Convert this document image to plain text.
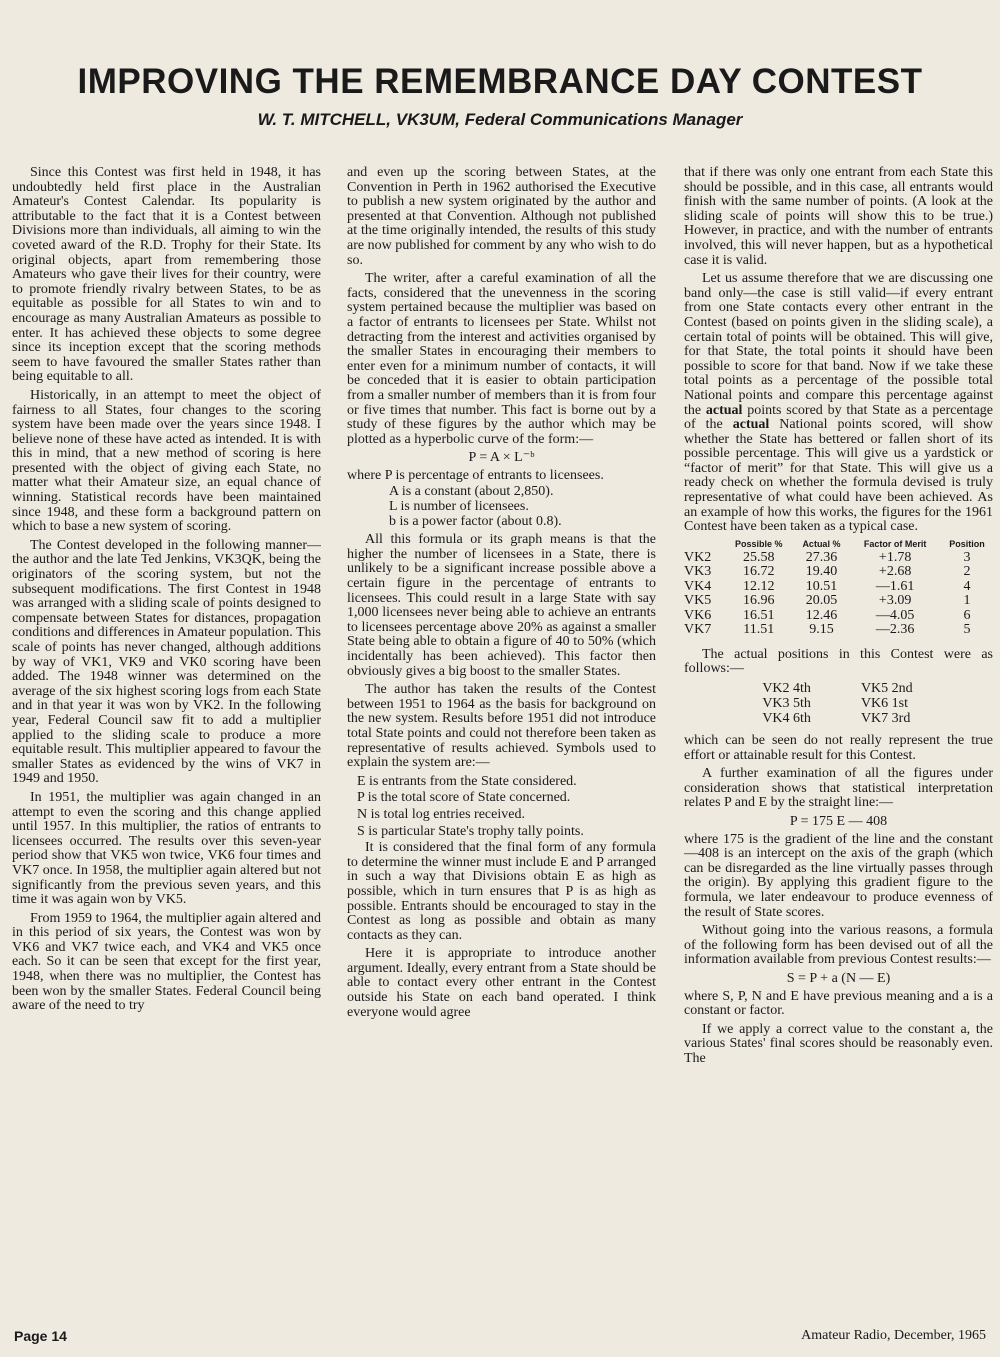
IMPROVING THE REMEMBRANCE DAY CONTEST
W. T. MITCHELL, VK3UM, Federal Communications Manager

Since this Contest was first held in 1948, it has undoubtedly held first place in the Australian Amateur's Contest Calendar. Its popularity is attributable to the fact that it is a Contest between Divisions more than individuals, all aiming to win the coveted award of the R.D. Trophy for their State. Its original objects, apart from remembering those Amateurs who gave their lives for their country, were to promote friendly rivalry between States, to be as equitable as possible for all States to win and to encourage as many Australian Amateurs as possible to enter. It has achieved these objects to some degree since its inception except that the scoring methods seem to have favoured the smaller States rather than being equitable to all.

Historically, in an attempt to meet the object of fairness to all States, four changes to the scoring system have been made over the years since 1948. I believe none of these have acted as intended. It is with this in mind, that a new method of scoring is here presented with the object of giving each State, no matter what their Amateur size, an equal chance of winning. Statistical records have been maintained since 1948, and these form a background pattern on which to base a new system of scoring.

The Contest developed in the following manner—the author and the late Ted Jenkins, VK3QK, being the originators of the scoring system, but not the subsequent modifications. The first Contest in 1948 was arranged with a sliding scale of points designed to compensate between States for distances, propagation conditions and differences in Amateur population. This scale of points has never changed, although additions by way of VK1, VK9 and VK0 scoring have been added. The 1948 winner was determined on the average of the six highest scoring logs from each State and in that year it was won by VK2. In the following year, Federal Council saw fit to add a multiplier applied to the sliding scale to produce a more equitable result. This multiplier appeared to favour the smaller States as evidenced by the wins of VK7 in 1949 and 1950.

In 1951, the multiplier was again changed in an attempt to even the scoring and this change applied until 1957. In this multiplier, the ratios of entrants to licensees occurred. The results over this seven-year period show that VK5 won twice, VK6 four times and VK7 once. In 1958, the multiplier again altered but not significantly from the previous seven years, and this time it was again won by VK5.

From 1959 to 1964, the multiplier again altered and in this period of six years, the Contest was won by VK6 and VK7 twice each, and VK4 and VK5 once each. So it can be seen that except for the first year, 1948, when there was no multiplier, the Contest has been won by the smaller States. Federal Council being aware of the need to try

and even up the scoring between States, at the Convention in Perth in 1962 authorised the Executive to publish a new system originated by the author and presented at that Convention. Although not published at the time originally intended, the results of this study are now published for comment by any who wish to do so.

The writer, after a careful examination of all the facts, considered that the unevenness in the scoring system pertained because the multiplier was based on a factor of entrants to licensees per State. Whilst not detracting from the interest and activities organised by the smaller States in encouraging their members to enter even for a minimum number of contacts, it will be conceded that it is easier to obtain participation from a smaller number of members than it is from four or five times that number. This fact is borne out by a study of these figures by the author which may be plotted as a hyperbolic curve of the form:—

P = A × L⁻ᵇ
where P is percentage of entrants to licensees.
A is a constant (about 2,850).
L is number of licensees.
b is a power factor (about 0.8).

All this formula or its graph means is that the higher the number of licensees in a State, there is unlikely to be a significant increase possible above a certain figure in the percentage of entrants to licensees. This could result in a large State with say 1,000 licensees never being able to achieve an entrants to licensees percentage above 20% as against a smaller State being able to obtain a figure of 40 to 50% (which incidentally has been achieved). This factor then obviously gives a big boost to the smaller States.

The author has taken the results of the Contest between 1951 to 1964 as the basis for background on the new system. Results before 1951 did not introduce total State points and could not therefore been taken as representative of results achieved. Symbols used to explain the system are:—

E is entrants from the State considered.
P is the total score of State concerned.
N is total log entries received.
S is particular State's trophy tally points.

It is considered that the final form of any formula to determine the winner must include E and P arranged in such a way that Divisions obtain E as high as possible, which in turn ensures that P is as high as possible. Entrants should be encouraged to stay in the Contest as long as possible and obtain as many contacts as they can.

Here it is appropriate to introduce another argument. Ideally, every entrant from a State should be able to contact every other entrant in the Contest outside his State on each band operated. I think everyone would agree

that if there was only one entrant from each State this should be possible, and in this case, all entrants would finish with the same number of points. (A look at the sliding scale of points will show this to be true.) However, in practice, and with the number of entrants involved, this will never happen, but as a hypothetical case it is valid.

Let us assume therefore that we are discussing one band only—the case is still valid—if every entrant from one State contacts every other entrant in the Contest (based on points given in the sliding scale), a certain total of points will be obtained. This will give, for that State, the total points it should have been possible to score for that band. Now if we take these total points as a percentage of the possible total National points and compare this percentage against the actual points scored by that State as a percentage of the actual National points scored, will show whether the State has bettered or fallen short of its possible percentage. This will give us a yardstick or “factor of merit” for that State. This will give us a ready check on whether the formula devised is truly representative of what could have been achieved. As an example of how this works, the figures for the 1961 Contest have been taken as a typical case.

	Possible %	Actual %	Factor of Merit	Position
VK2	25.58	27.36	+1.78	3
VK3	16.72	19.40	+2.68	2
VK4	12.12	10.51	—1.61	4
VK5	16.96	20.05	+3.09	1
VK6	16.51	12.46	—4.05	6
VK7	11.51	9.15	—2.36	5

The actual positions in this Contest were as follows:—

VK2 4th	VK5 2nd
VK3 5th	VK6 1st
VK4 6th	VK7 3rd

which can be seen do not really represent the true effort or attainable result for this Contest.

A further examination of all the figures under consideration shows that statistical interpretation relates P and E by the straight line:—

P = 175 E — 408

where 175 is the gradient of the line and the constant —408 is an intercept on the axis of the graph (which can be disregarded as the line virtually passes through the origin). By applying this gradient figure to the formula, we later endeavour to produce evenness of the result of State scores.

Without going into the various reasons, a formula of the following form has been devised out of all the information available from previous Contest results:—

S = P + a (N — E)

where S, P, N and E have previous meaning and a is a constant or factor.

If we apply a correct value to the constant a, the various States' final scores should be reasonably even. The

Page 14	Amateur Radio, December, 1965
